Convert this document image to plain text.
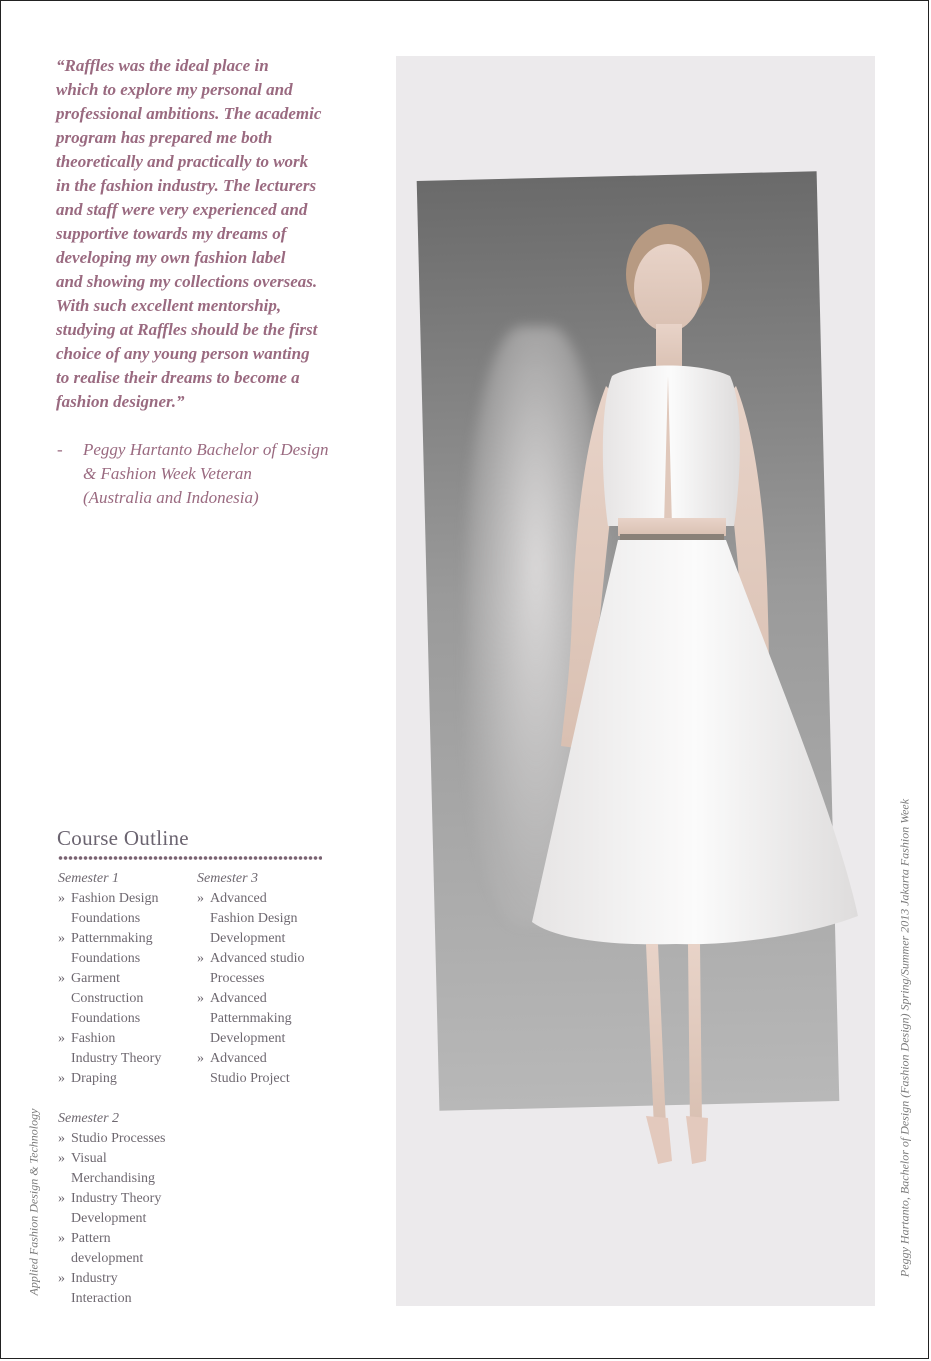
“Raffles was the ideal place in
which to explore my personal and
professional ambitions. The academic
program has prepared me both
theoretically and practically to work
in the fashion industry. The lecturers
and staff were very experienced and
supportive towards my dreams of
developing my own fashion label
and showing my collections overseas.
With such excellent mentorship,
studying at Raffles should be the first
choice of any young person wanting
to realise their dreams to become a
fashion designer.”

- Peggy Hartanto Bachelor of Design
& Fashion Week Veteran
(Australia and Indonesia)
Course Outline
Semester 1
» Fashion Design
Foundations
» Patternmaking
Foundations
» Garment
Construction
Foundations
» Fashion
Industry Theory
» Draping
Semester 3
» Advanced
Fashion Design
Development
» Advanced studio
Processes
» Advanced
Patternmaking
Development
» Advanced
Studio Project
Semester 2
» Studio Processes
» Visual
Merchandising
» Industry Theory
Development
» Pattern
development
» Industry
Interaction
Applied Fashion Design & Technology	Peggy Hartanto, Bachelor of Design (Fashion Design) Spring/Summer 2013 Jakarta Fashion Week
